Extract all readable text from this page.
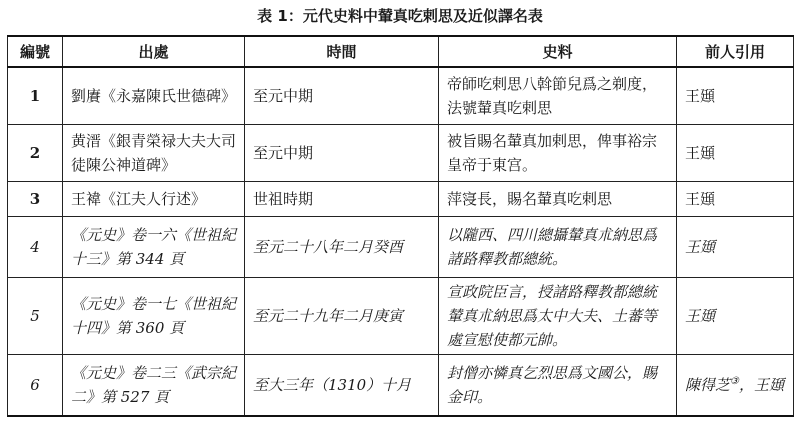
表 1：元代史料中輦真吃剌思及近似譯名表
編號	出處	時間	史料	前人引用
1	劉賡《永嘉陳氏世德碑》	至元中期	帝師吃剌思八斡節兒爲之剃度，法號輦真吃剌思	王頲
2	黄溍《銀青榮禄大夫大司徒陳公神道碑》	至元中期	被旨賜名輦真加剌思，俾事裕宗皇帝于東宫。	王頲
3	王褘《江夫人行述》	世祖時期	萍寖長，賜名輦真吃剌思	王頲
4	《元史》卷一六《世祖紀十三》第 344 頁	至元二十八年二月癸酉	以隴西、四川總攝輦真朮納思爲諸路釋教都總統。	王頲
5	《元史》卷一七《世祖紀十四》第 360 頁	至元二十九年二月庚寅	宣政院臣言，授諸路釋教都總統輦真朮納思爲太中大夫、土蕃等處宣慰使都元帥。	王頲
6	《元史》卷二三《武宗紀二》第 527 頁	至大三年（1310）十月	封僧亦憐真乞烈思爲文國公，賜金印。	陳得芝③，王頲
